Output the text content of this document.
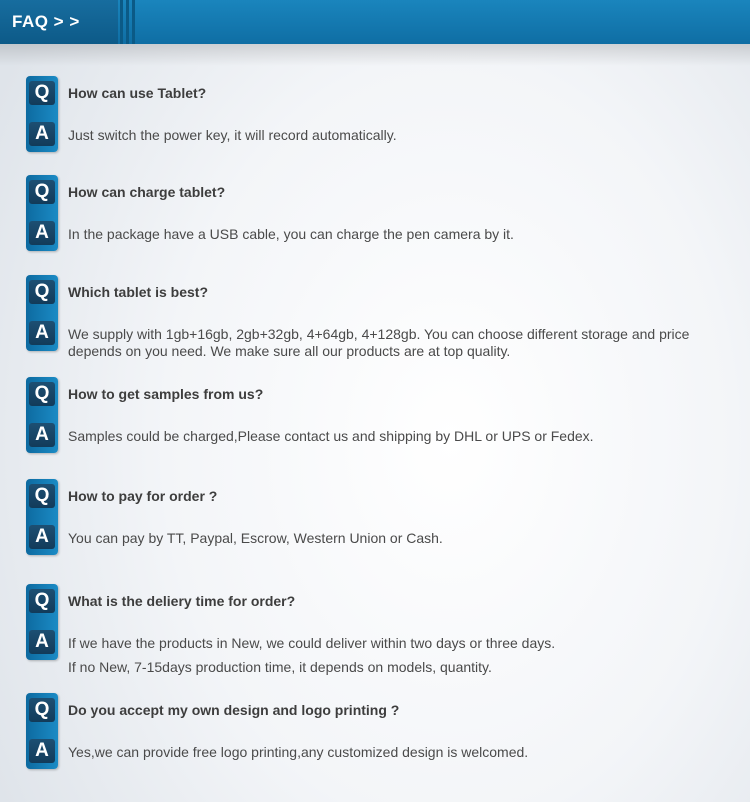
FAQ > >
Q
A
How can use Tablet?
Just switch the power key, it will record automatically.
Q
A
How can charge tablet?
In the package have a USB cable, you can charge the pen camera by it.
Q
A
Which tablet is best?
We supply with 1gb+16gb, 2gb+32gb, 4+64gb, 4+128gb. You can choose different storage and price depends on you need. We make sure all our products are at top quality.
Q
A
How to get samples from us?
Samples could be charged,Please contact us and shipping by DHL or UPS or Fedex.
Q
A
How to pay for order ?
You can pay by TT, Paypal, Escrow, Western Union or Cash.
Q
A
What is the deliery time for order?
If we have the products in New, we could deliver within two days or three days.
If no New, 7-15days production time, it depends on models, quantity.
Q
A
Do you accept my own design and logo printing ?
Yes,we can provide free logo printing,any customized design is welcomed.
